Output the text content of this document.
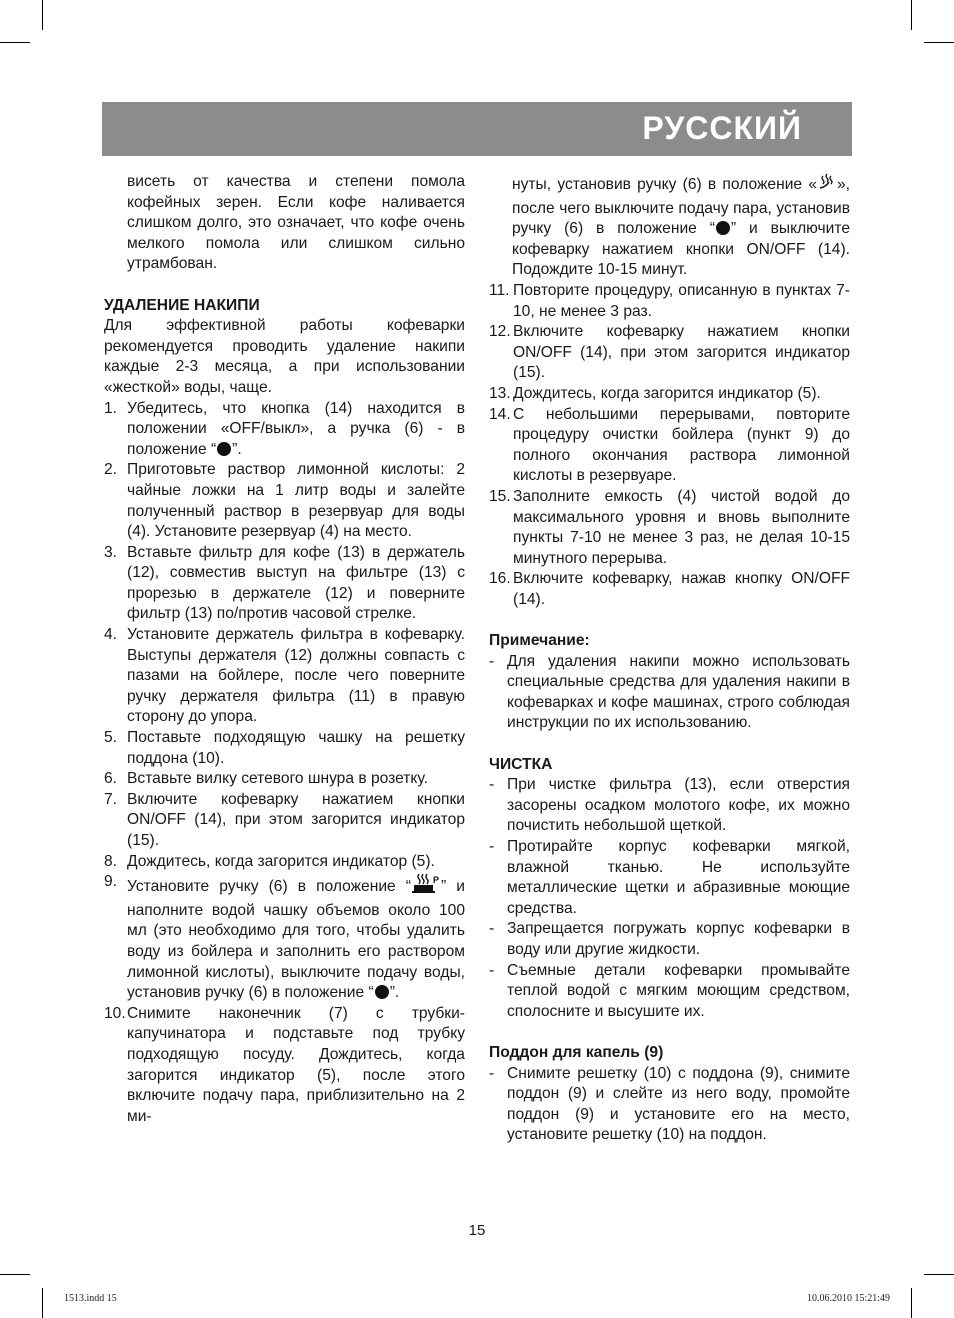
РУССКИЙ

висеть от качества и степени помола кофейных зерен. Если кофе наливается слишком долго, это означает, что кофе очень мелкого помола или слишком сильно утрамбован.

УДАЛЕНИЕ НАКИПИ

Для эффективной работы кофеварки рекомендуется проводить удаление накипи каждые 2-3 месяца, а при использовании «жесткой» воды, чаще.

1. Убедитесь, что кнопка (14) находится в положении «OFF/выкл», а ручка (6) - в положение “ ”.

2. Приготовьте раствор лимонной кислоты: 2 чайные ложки на 1 литр воды и залейте полученный раствор в резервуар для воды (4). Установите резервуар (4) на место.

3. Вставьте фильтр для кофе (13) в держатель (12), совместив выступ на фильтре (13) с прорезью в держателе (12) и поверните фильтр (13) по/против часовой стрелке.

4. Установите держатель фильтра в кофеварку. Выступы держателя (12) должны совпасть с пазами на бойлере, после чего поверните ручку держателя фильтра (11) в правую сторону до упора.

5. Поставьте подходящую чашку на решетку поддона (10).

6. Вставьте вилку сетевого шнура в розетку.

7. Включите кофеварку нажатием кнопки ON/OFF (14), при этом загорится индикатор (15).

8. Дождитесь, когда загорится индикатор (5).

9. Установите ручку (6) в положение “ P ” и наполните водой чашку объемов около 100 мл (это необходимо для того, чтобы удалить воду из бойлера и заполнить его раствором лимонной кислоты), выключите подачу воды, установив ручку (6) в положение “ ”.

10. Снимите наконечник (7) с трубки-капучинатора и подставьте под трубку подходящую посуду. Дождитесь, когда загорится индикатор (5), после этого включите подачу пара, приблизительно на 2 ми-

нуты, установив ручку (6) в положение « », после чего выключите подачу пара, установив ручку (6) в положение “ ” и выключите кофеварку нажатием кнопки ON/OFF (14). Подождите 10-15 минут.

11. Повторите процедуру, описанную в пунктах 7-10, не менее 3 раз.

12. Включите кофеварку нажатием кнопки ON/OFF (14), при этом загорится индикатор (15).

13. Дождитесь, когда загорится индикатор (5).

14. С небольшими перерывами, повторите процедуру очистки бойлера (пункт 9) до полного окончания раствора лимонной кислоты в резервуаре.

15. Заполните емкость (4) чистой водой до максимального уровня и вновь выполните пункты 7-10 не менее 3 раз, не делая 10-15 минутного перерыва.

16. Включите кофеварку, нажав кнопку ON/OFF (14).

Примечание:

- Для удаления накипи можно использовать специальные средства для удаления накипи в кофеварках и кофе машинах, строго соблюдая инструкции по их использованию.

ЧИСТКА

- При чистке фильтра (13), если отверстия засорены осадком молотого кофе, их можно почистить небольшой щеткой.

- Протирайте корпус кофеварки мягкой, влажной тканью. Не используйте металлические щетки и абразивные моющие средства.

- Запрещается погружать корпус кофеварки в воду или другие жидкости.

- Съемные детали кофеварки промывайте теплой водой с мягким моющим средством, сполосните и высушите их.

Поддон для капель (9)

- Снимите решетку (10) с поддона (9), снимите поддон (9) и слейте из него воду, промойте поддон (9) и установите его на место, установите решетку (10) на поддон.

15
1513.indd 15	10.06.2010 15:21:49
